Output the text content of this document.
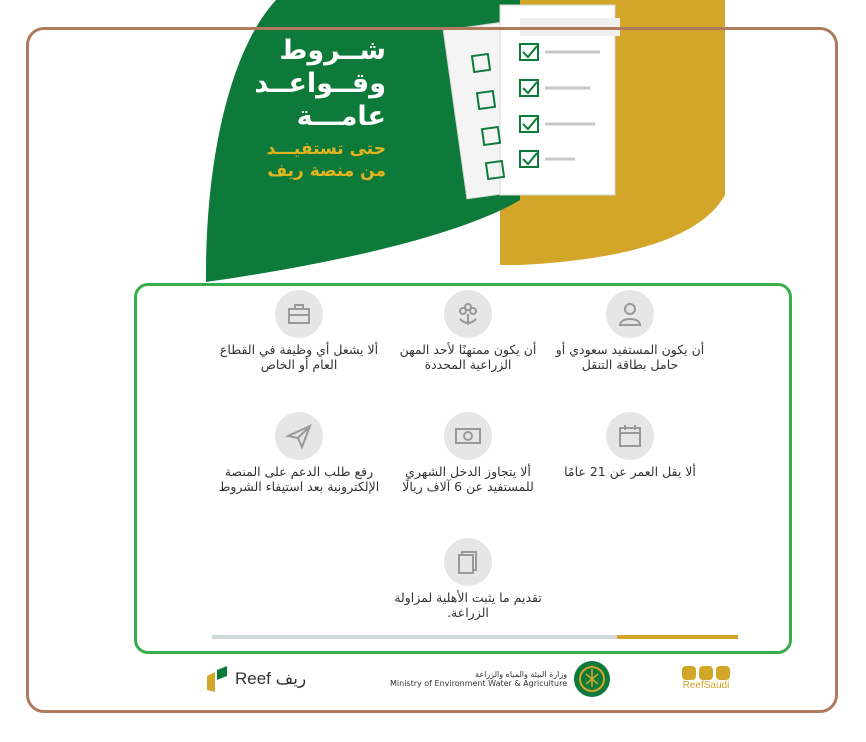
شــروط
وقــواعــد
عامـــة
حتى تستفيـــد
من منصة ريف
أن يكون المستفيد سعودي أو حامل بطاقة التنقل
أن يكون ممتهنًا لأحد المهن الزراعية المحددة
ألا يشغل أي وظيفة في القطاع العام أو الخاص
ألا يقل العمر عن 21 عامًا
ألا يتجاوز الدخل الشهري للمستفيد عن 6 آلاف ريالًا
رفع طلب الدعم على المنصة الإلكترونية بعد استيفاء الشروط
تقديم ما يثبت الأهلية لمزاولة الزراعة.
ريف Reef	وزارة البيئة والمياه والزراعة
Ministry of Environment Water & Agriculture	ReefSaudi
